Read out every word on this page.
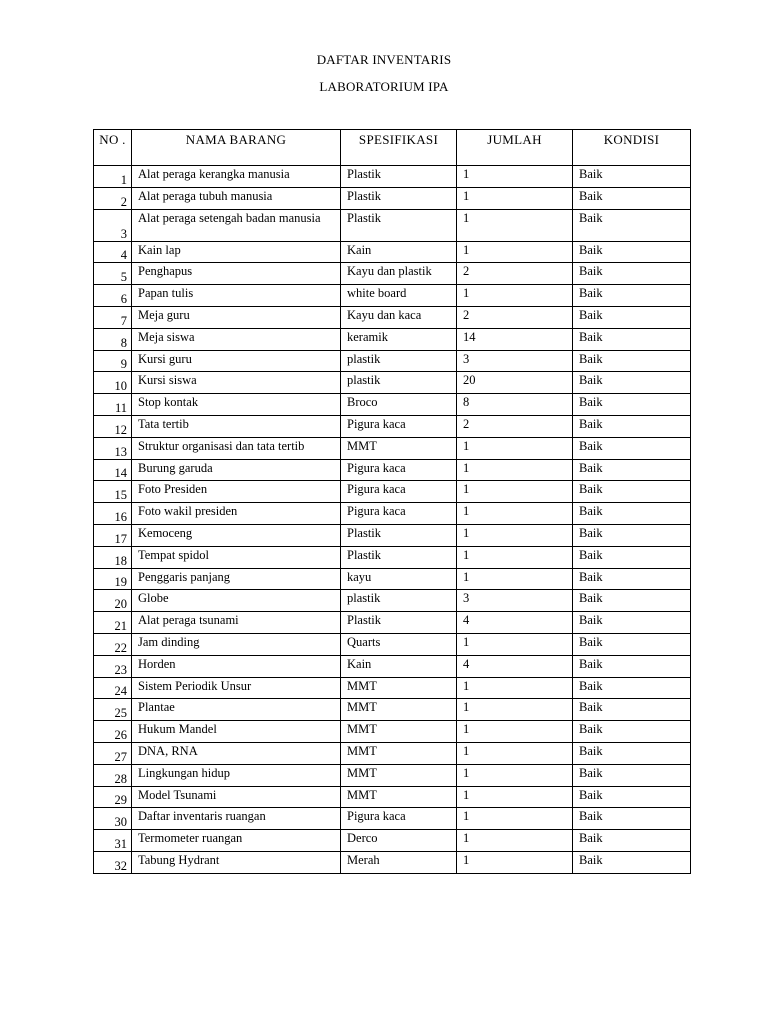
DAFTAR INVENTARIS
LABORATORIUM IPA
NO .	NAMA BARANG	SPESIFIKASI	JUMLAH	KONDISI
1	Alat peraga kerangka manusia	Plastik	1	Baik
2	Alat peraga tubuh manusia	Plastik	1	Baik
3	Alat peraga setengah badan manusia	Plastik	1	Baik
4	Kain lap	Kain	1	Baik
5	Penghapus	Kayu dan plastik	2	Baik
6	Papan tulis	white board	1	Baik
7	Meja guru	Kayu dan kaca	2	Baik
8	Meja siswa	keramik	14	Baik
9	Kursi guru	plastik	3	Baik
10	Kursi siswa	plastik	20	Baik
11	Stop kontak	Broco	8	Baik
12	Tata tertib	Pigura kaca	2	Baik
13	Struktur organisasi dan tata tertib	MMT	1	Baik
14	Burung garuda	Pigura kaca	1	Baik
15	Foto Presiden	Pigura kaca	1	Baik
16	Foto wakil presiden	Pigura kaca	1	Baik
17	Kemoceng	Plastik	1	Baik
18	Tempat spidol	Plastik	1	Baik
19	Penggaris panjang	kayu	1	Baik
20	Globe	plastik	3	Baik
21	Alat peraga tsunami	Plastik	4	Baik
22	Jam dinding	Quarts	1	Baik
23	Horden	Kain	4	Baik
24	Sistem Periodik Unsur	MMT	1	Baik
25	Plantae	MMT	1	Baik
26	Hukum Mandel	MMT	1	Baik
27	DNA, RNA	MMT	1	Baik
28	Lingkungan hidup	MMT	1	Baik
29	Model Tsunami	MMT	1	Baik
30	Daftar inventaris ruangan	Pigura kaca	1	Baik
31	Termometer ruangan	Derco	1	Baik
32	Tabung Hydrant	Merah	1	Baik
